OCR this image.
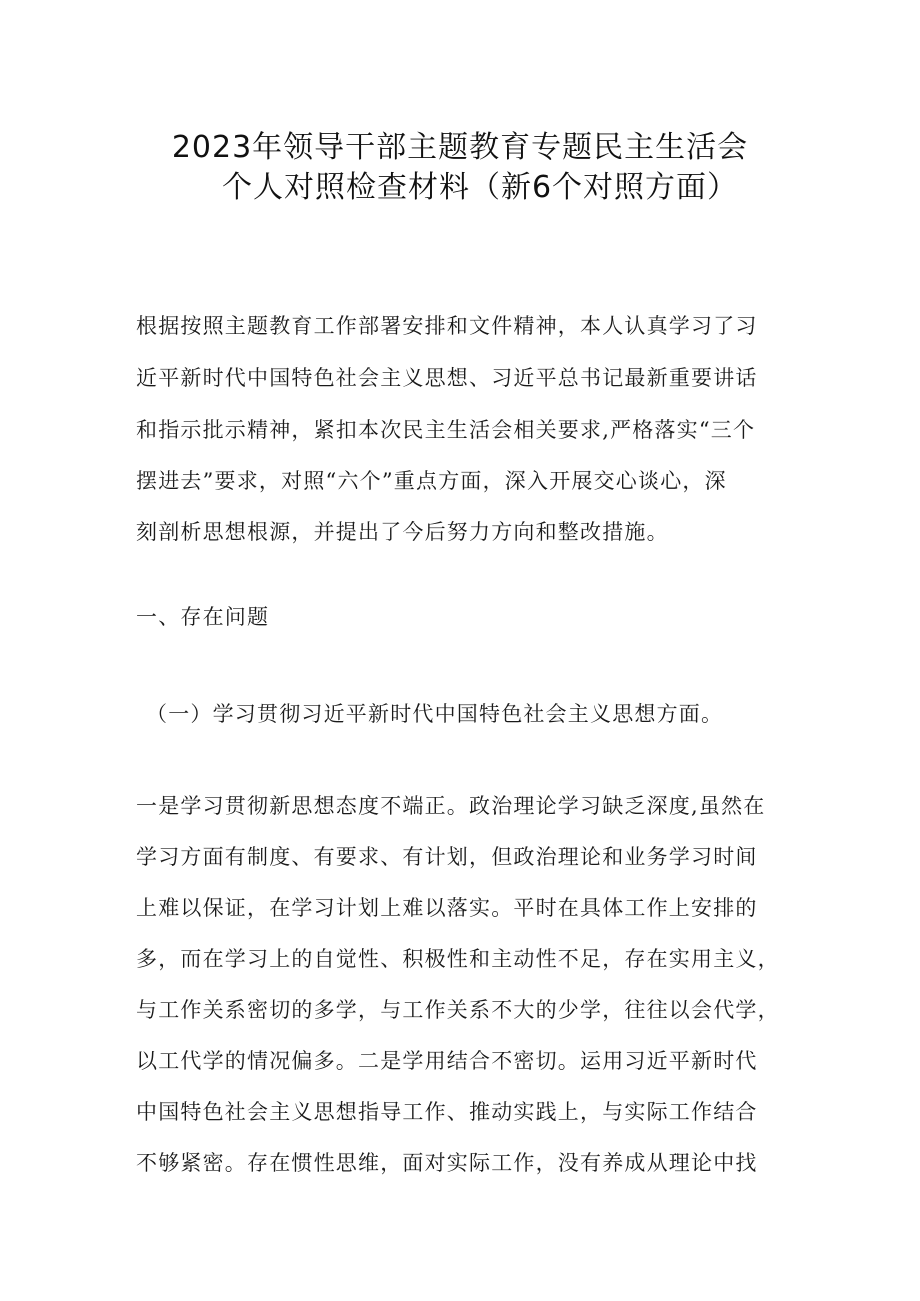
2023年领导干部主题教育专题民主生活会
个人对照检查材料（新6个对照方面）
根据按照主题教育工作部署安排和文件精神，本人认真学习了习
近平新时代中国特色社会主义思想、习近平总书记最新重要讲话
和指示批示精神，紧扣本次民主生活会相关要求,严格落实“三个
摆进去”要求，对照“六个”重点方面，深入开展交心谈心，深
刻剖析思想根源，并提出了今后努力方向和整改措施。
一、存在问题
（一）学习贯彻习近平新时代中国特色社会主义思想方面。
一是学习贯彻新思想态度不端正。政治理论学习缺乏深度,虽然在
学习方面有制度、有要求、有计划，但政治理论和业务学习时间
上难以保证，在学习计划上难以落实。平时在具体工作上安排的
多，而在学习上的自觉性、积极性和主动性不足，存在实用主义，
与工作关系密切的多学，与工作关系不大的少学，往往以会代学，
以工代学的情况偏多。二是学用结合不密切。运用习近平新时代
中国特色社会主义思想指导工作、推动实践上，与实际工作结合
不够紧密。存在惯性思维，面对实际工作，没有养成从理论中找
